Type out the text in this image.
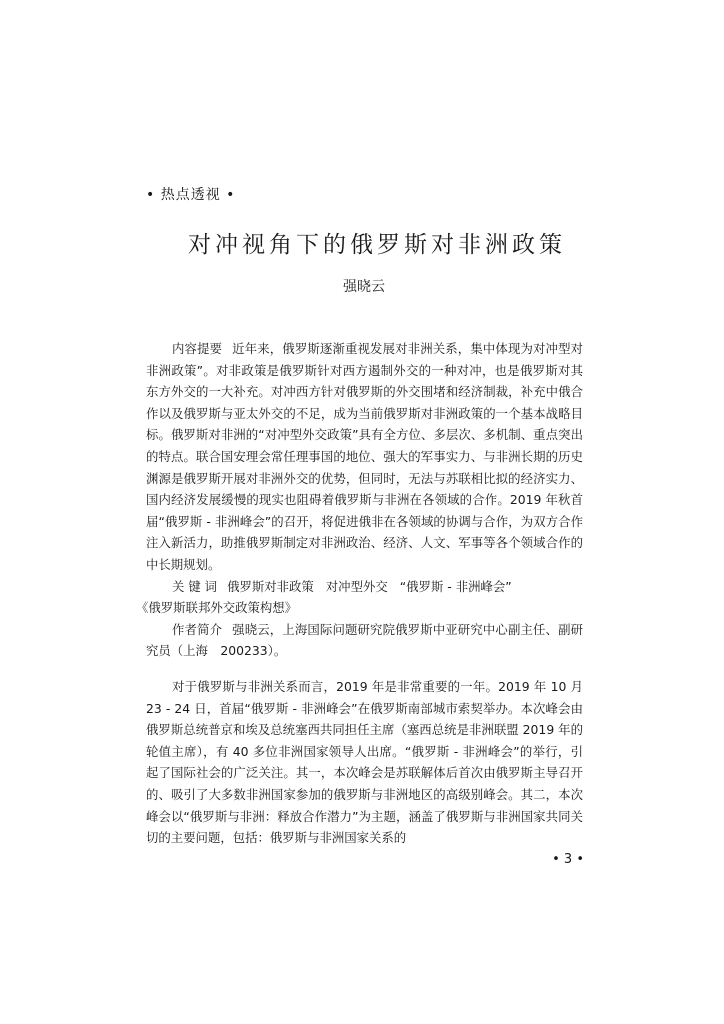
• 热点透视 •
对冲视角下的俄罗斯对非洲政策
强晓云

内容提要 近年来，俄罗斯逐渐重视发展对非洲关系，集中体现为对冲型对非洲政策”。对非政策是俄罗斯针对西方遏制外交的一种对冲，也是俄罗斯对其东方外交的一大补充。对冲西方针对俄罗斯的外交围堵和经济制裁，补充中俄合作以及俄罗斯与亚太外交的不足，成为当前俄罗斯对非洲政策的一个基本战略目标。俄罗斯对非洲的“对冲型外交政策”具有全方位、多层次、多机制、重点突出的特点。联合国安理会常任理事国的地位、强大的军事实力、与非洲长期的历史渊源是俄罗斯开展对非洲外交的优势，但同时，无法与苏联相比拟的经济实力、国内经济发展缓慢的现实也阻碍着俄罗斯与非洲在各领域的合作。2019 年秋首届“俄罗斯 - 非洲峰会”的召开，将促进俄非在各领域的协调与合作，为双方合作注入新活力，助推俄罗斯制定对非洲政治、经济、人文、军事等各个领域合作的中长期规划。

关 键 词 俄罗斯对非政策 对冲型外交 “俄罗斯 - 非洲峰会”
《俄罗斯联邦外交政策构想》

作者简介 强晓云，上海国际问题研究院俄罗斯中亚研究中心副主任、副研究员（上海　200233）。

对于俄罗斯与非洲关系而言，2019 年是非常重要的一年。2019 年 10 月 23 - 24 日，首届“俄罗斯 - 非洲峰会”在俄罗斯南部城市索契举办。本次峰会由俄罗斯总统普京和埃及总统塞西共同担任主席（塞西总统是非洲联盟 2019 年的轮值主席），有 40 多位非洲国家领导人出席。“俄罗斯 - 非洲峰会”的举行，引起了国际社会的广泛关注。其一，本次峰会是苏联解体后首次由俄罗斯主导召开的、吸引了大多数非洲国家参加的俄罗斯与非洲地区的高级别峰会。其二，本次峰会以“俄罗斯与非洲：释放合作潜力”为主题，涵盖了俄罗斯与非洲国家共同关切的主要问题，包括：俄罗斯与非洲国家关系的

• 3 •
